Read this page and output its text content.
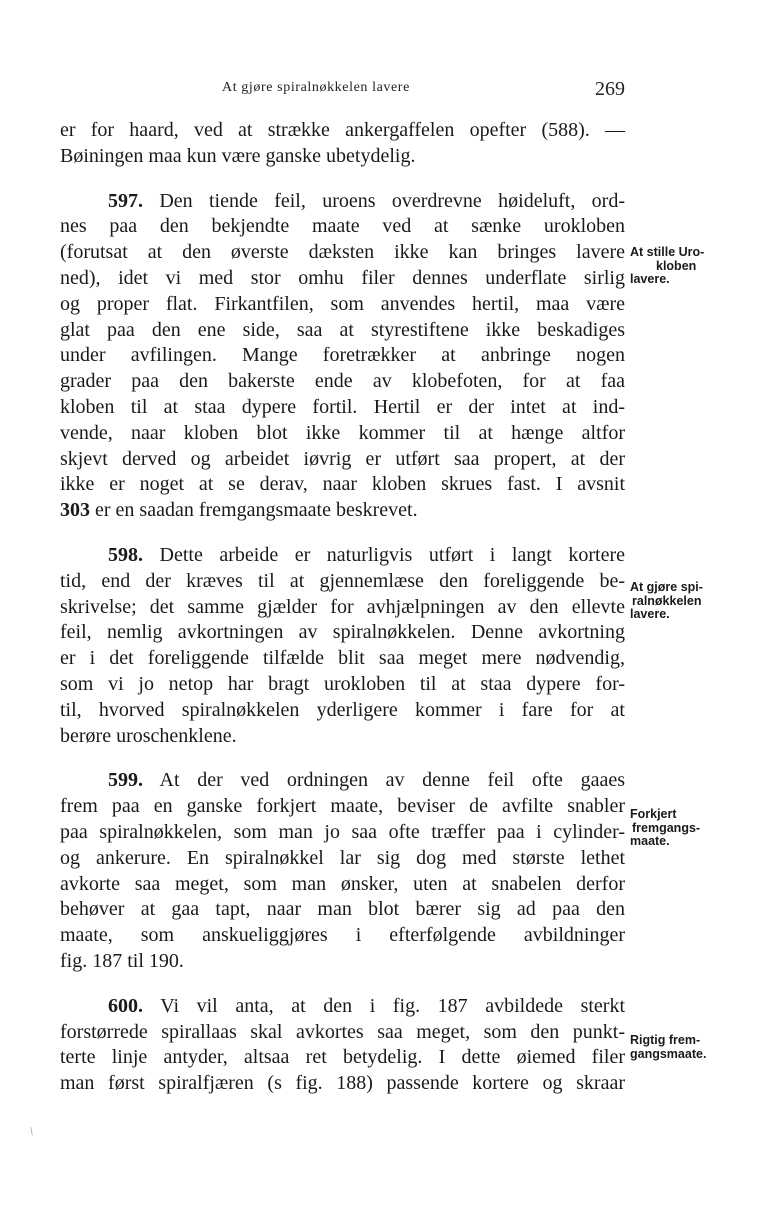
At gjøre spiralnøkkelen lavere	269
er for haard, ved at strække ankergaffelen opefter (588). —
Bøiningen maa kun være ganske ubetydelig.
597. Den tiende feil, uroens overdrevne høideluft, ord-
nes paa den bekjendte maate ved at sænke urokloben
(forutsat at den øverste dæksten ikke kan bringes lavere
ned), idet vi med stor omhu filer dennes underflate sirlig
og proper flat. Firkantfilen, som anvendes hertil, maa være
glat paa den ene side, saa at styrestiftene ikke beskadiges
under avfilingen. Mange foretrækker at anbringe nogen
grader paa den bakerste ende av klobefoten, for at faa
kloben til at staa dypere fortil. Hertil er der intet at ind-
vende, naar kloben blot ikke kommer til at hænge altfor
skjevt derved og arbeidet iøvrig er utført saa propert, at der
ikke er noget at se derav, naar kloben skrues fast. I avsnit
303 er en saadan fremgangsmaate beskrevet.
598. Dette arbeide er naturligvis utført i langt kortere
tid, end der kræves til at gjennemlæse den foreliggende be-
skrivelse; det samme gjælder for avhjælpningen av den ellevte
feil, nemlig avkortningen av spiralnøkkelen. Denne avkortning
er i det foreliggende tilfælde blit saa meget mere nødvendig,
som vi jo netop har bragt urokloben til at staa dypere for-
til, hvorved spiralnøkkelen yderligere kommer i fare for at
berøre uroschenklene.
599. At der ved ordningen av denne feil ofte gaaes
frem paa en ganske forkjert maate, beviser de avfilte snabler
paa spiralnøkkelen, som man jo saa ofte træffer paa i cylinder-
og ankerure. En spiralnøkkel lar sig dog med største lethet
avkorte saa meget, som man ønsker, uten at snabelen derfor
behøver at gaa tapt, naar man blot bærer sig ad paa den
maate, som anskueliggjøres i efterfølgende avbildninger
fig. 187 til 190.
600. Vi vil anta, at den i fig. 187 avbildede sterkt
forstørrede spirallaas skal avkortes saa meget, som den punkt-
terte linje antyder, altsaa ret betydelig. I dette øiemed filer
man først spiralfjæren (s fig. 188) passende kortere og skraar
At stille Uro-
kloben
lavere.
At gjøre spi-
ralnøkkelen
lavere.
Forkjert
fremgangs-
maate.
Rigtig frem-
gangsmaate.
/
